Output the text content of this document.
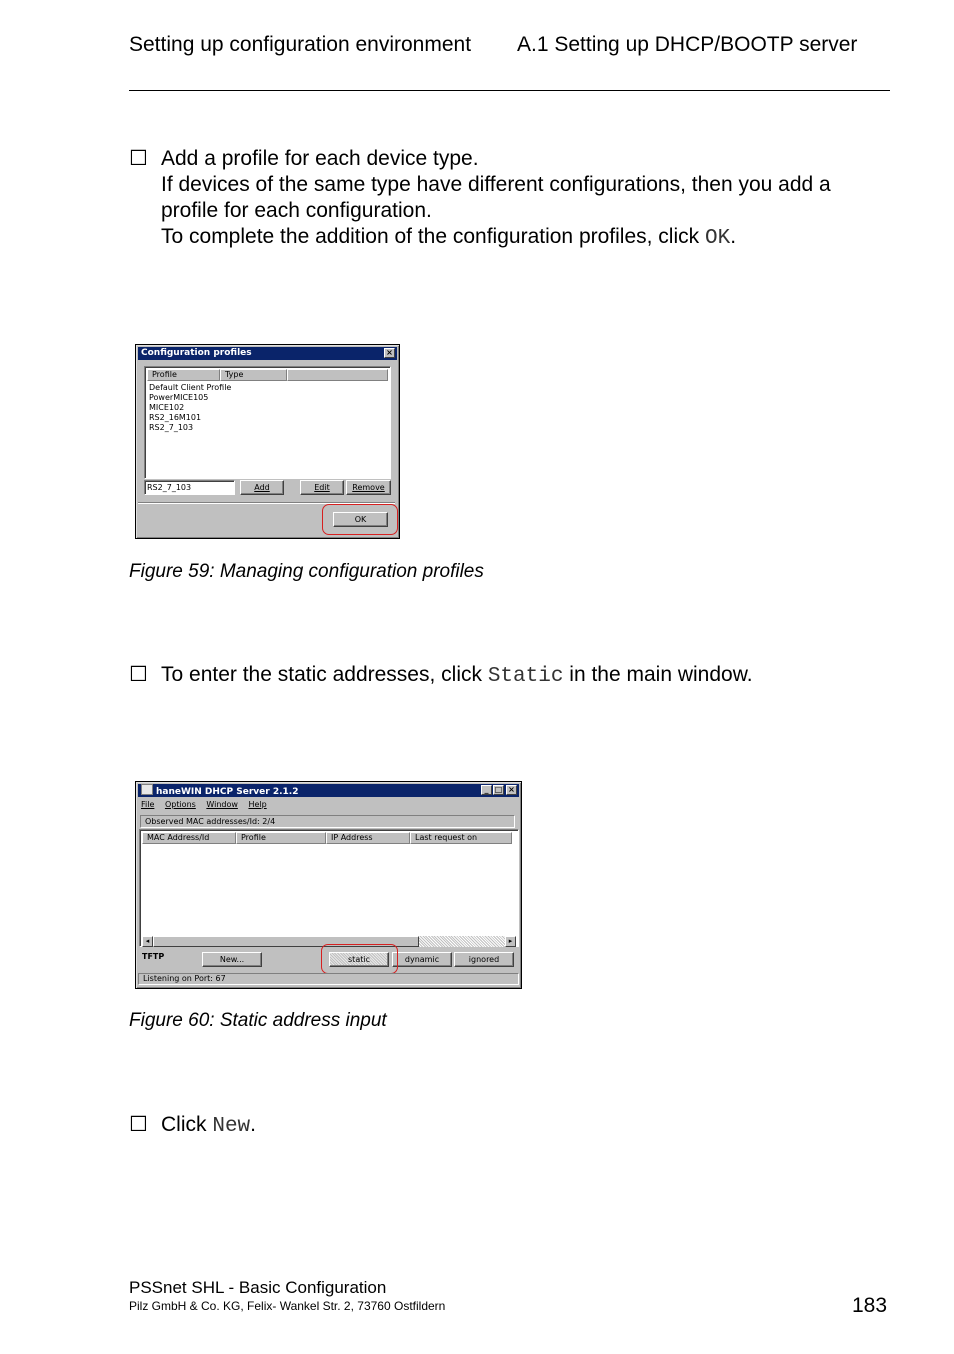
Setting up configuration environment A.1 Setting up DHCP/BOOTP server
☐ Add a profile for each device type.
If devices of the same type have different configurations, then you add a
profile for each configuration.
To complete the addition of the configuration profiles, click OK.
Configuration profiles	×
Profile	Type
Default Client Profile
PowerMICE105
MICE102
RS2_16M101
RS2_7_103
RS2_7_103	Add	Edit	Remove
OK
Figure 59: Managing configuration profiles
☐ To enter the static addresses, click Static in the main window.
haneWIN DHCP Server 2.1.2	_ □ ×
File Options Window Help
Observed MAC addresses/Id: 2/4
MAC Address/Id	Profile	IP Address	Last request on
◂	▸
TFTP	New...	static	dynamic	ignored
Listening on Port: 67
Figure 60: Static address input
☐ Click New.
PSSnet SHL - Basic Configuration
Pilz GmbH & Co. KG, Felix- Wankel Str. 2, 73760 Ostfildern	183
